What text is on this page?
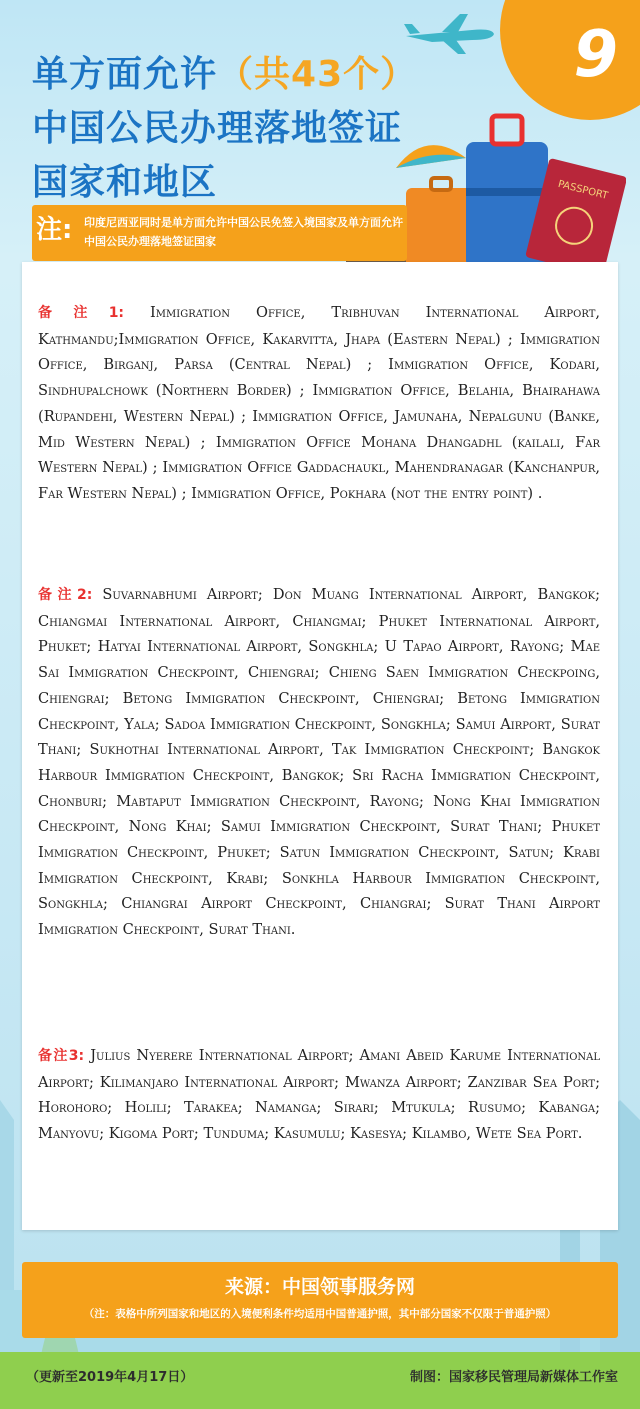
9
单方面允许（共43个）
中国公民办理落地签证
国家和地区	PASSPORT
注: 印度尼西亚同时是单方面允许中国公民免签入境国家及单方面允许中国公民办理落地签证国家
备注1: Immigration Office, Tribhuvan International Airport, Kathmandu;Immigration Office, Kakarvitta, Jhapa (Eastern Nepal) ; Immigration Office, Birganj, Parsa (Central Nepal) ; Immigration Office, Kodari, Sindhupalchowk (Northern Border) ; Immigration Office, Belahia, Bhairahawa (Rupandehi, Western Nepal) ; Immigration Office, Jamunaha, Nepalgunu (Banke, Mid Western Nepal) ; Immigration Office Mohana Dhangadhl (kailali, Far Western Nepal) ; Immigration Office Gaddachaukl, Mahendranagar (Kanchanpur, Far Western Nepal) ; Immigration Office, Pokhara (not the entry point) .
备注2: Suvarnabhumi Airport; Don Muang International Airport, Bangkok; Chiangmai International Airport, Chiangmai; Phuket International Airport, Phuket; Hatyai International Airport, Songkhla; U Tapao Airport, Rayong; Mae Sai Immigration Checkpoint, Chiengrai; Chieng Saen Immigration Checkpoing, Chiengrai; Betong Immigration Checkpoint, Chiengrai; Betong Immigration Checkpoint, Yala; Sadoa Immigration Checkpoint, Songkhla; Samui Airport, Surat Thani; Sukhothai International Airport, Tak Immigration Checkpoint; Bangkok Harbour Immigration Checkpoint, Bangkok; Sri Racha Immigration Checkpoint, Chonburi; Mabtaput Immigration Checkpoint, Rayong; Nong Khai Immigration Checkpoint, Nong Khai; Samui Immigration Checkpoint, Surat Thani; Phuket Immigration Checkpoint, Phuket; Satun Immigration Checkpoint, Satun; Krabi Immigration Checkpoint, Krabi; Sonkhla Harbour Immigration Checkpoint, Songkhla; Chiangrai Airport Checkpoint, Chiangrai; Surat Thani Airport Immigration Checkpoint, Surat Thani.
备注3: Julius Nyerere International Airport; Amani Abeid Karume International Airport; Kilimanjaro International Airport; Mwanza Airport; Zanzibar Sea Port; Horohoro; Holili; Tarakea; Namanga; Sirari; Mtukula; Rusumo; Kabanga; Manyovu; Kigoma Port; Tunduma; Kasumulu; Kasesya; Kilambo, Wete Sea Port.
来源：中国领事服务网
（注：表格中所列国家和地区的入境便利条件均适用中国普通护照，其中部分国家不仅限于普通护照）
（更新至2019年4月17日）	制图：国家移民管理局新媒体工作室
